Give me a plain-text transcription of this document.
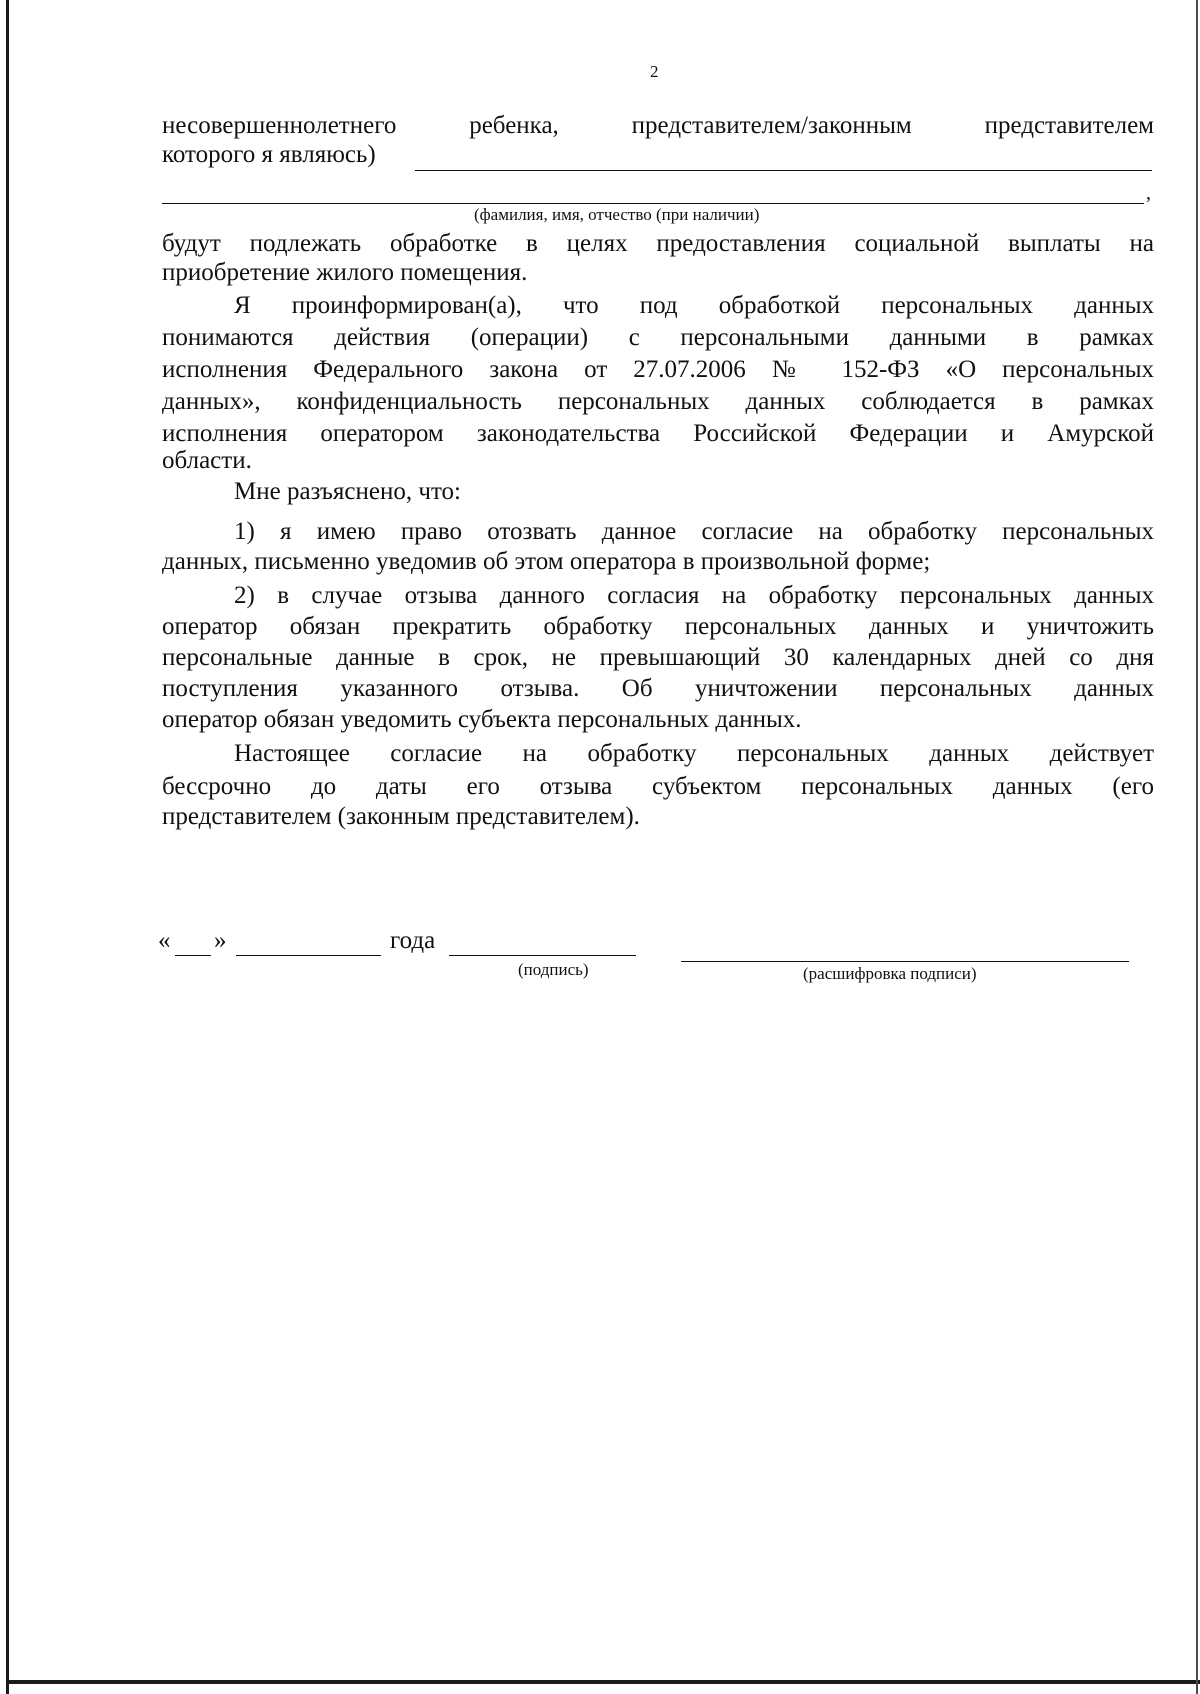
2
несовершеннолетнего ребенка, представителем/законным представителем
которого я являюсь)
,
(фамилия, имя, отчество (при наличии)
будут подлежать обработке в целях предоставления социальной выплаты на
приобретение жилого помещения.
Я проинформирован(а), что под обработкой персональных данных
понимаются действия (операции) с персональными данными в рамках
исполнения Федерального закона от 27.07.2006 № 152-ФЗ «О персональных
данных», конфиденциальность персональных данных соблюдается в рамках
исполнения оператором законодательства Российской Федерации и Амурской
области.
Мне разъяснено, что:
1) я имею право отозвать данное согласие на обработку персональных
данных, письменно уведомив об этом оператора в произвольной форме;
2) в случае отзыва данного согласия на обработку персональных данных
оператор обязан прекратить обработку персональных данных и уничтожить
персональные данные в срок, не превышающий 30 календарных дней со дня
поступления указанного отзыва. Об уничтожении персональных данных
оператор обязан уведомить субъекта персональных данных.
Настоящее согласие на обработку персональных данных действует
бессрочно до даты его отзыва субъектом персональных данных (его
представителем (законным представителем).
« »	года
(подпись)	(расшифровка подписи)
